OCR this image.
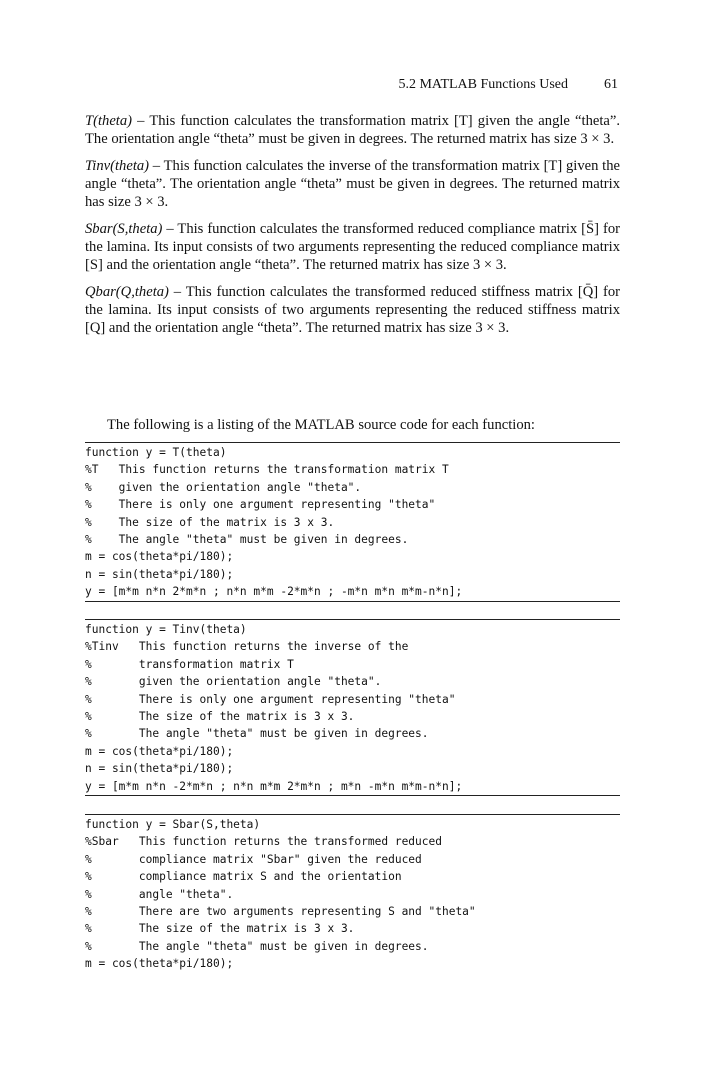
5.2 MATLAB Functions Used	61

T(theta) – This function calculates the transformation matrix [T] given the angle “theta”. The orientation angle “theta” must be given in degrees. The returned matrix has size 3 × 3.

Tinv(theta) – This function calculates the inverse of the transformation matrix [T] given the angle “theta”. The orientation angle “theta” must be given in degrees. The returned matrix has size 3 × 3.

Sbar(S,theta) – This function calculates the transformed reduced compliance matrix [S̄] for the lamina. Its input consists of two arguments representing the reduced compliance matrix [S] and the orientation angle “theta”. The returned matrix has size 3 × 3.

Qbar(Q,theta) – This function calculates the transformed reduced stiffness matrix [Q̄] for the lamina. Its input consists of two arguments representing the reduced stiffness matrix [Q] and the orientation angle “theta”. The returned matrix has size 3 × 3.

The following is a listing of the MATLAB source code for each function:
function y = T(theta)
%T   This function returns the transformation matrix T
%    given the orientation angle "theta".
%    There is only one argument representing "theta"
%    The size of the matrix is 3 x 3.
%    The angle "theta" must be given in degrees.
m = cos(theta*pi/180);
n = sin(theta*pi/180);
y = [m*m n*n 2*m*n ; n*n m*m -2*m*n ; -m*n m*n m*m-n*n];
function y = Tinv(theta)
%Tinv   This function returns the inverse of the
%       transformation matrix T
%       given the orientation angle "theta".
%       There is only one argument representing "theta"
%       The size of the matrix is 3 x 3.
%       The angle "theta" must be given in degrees.
m = cos(theta*pi/180);
n = sin(theta*pi/180);
y = [m*m n*n -2*m*n ; n*n m*m 2*m*n ; m*n -m*n m*m-n*n];
function y = Sbar(S,theta)
%Sbar   This function returns the transformed reduced
%       compliance matrix "Sbar" given the reduced
%       compliance matrix S and the orientation
%       angle "theta".
%       There are two arguments representing S and "theta"
%       The size of the matrix is 3 x 3.
%       The angle "theta" must be given in degrees.
m = cos(theta*pi/180);
